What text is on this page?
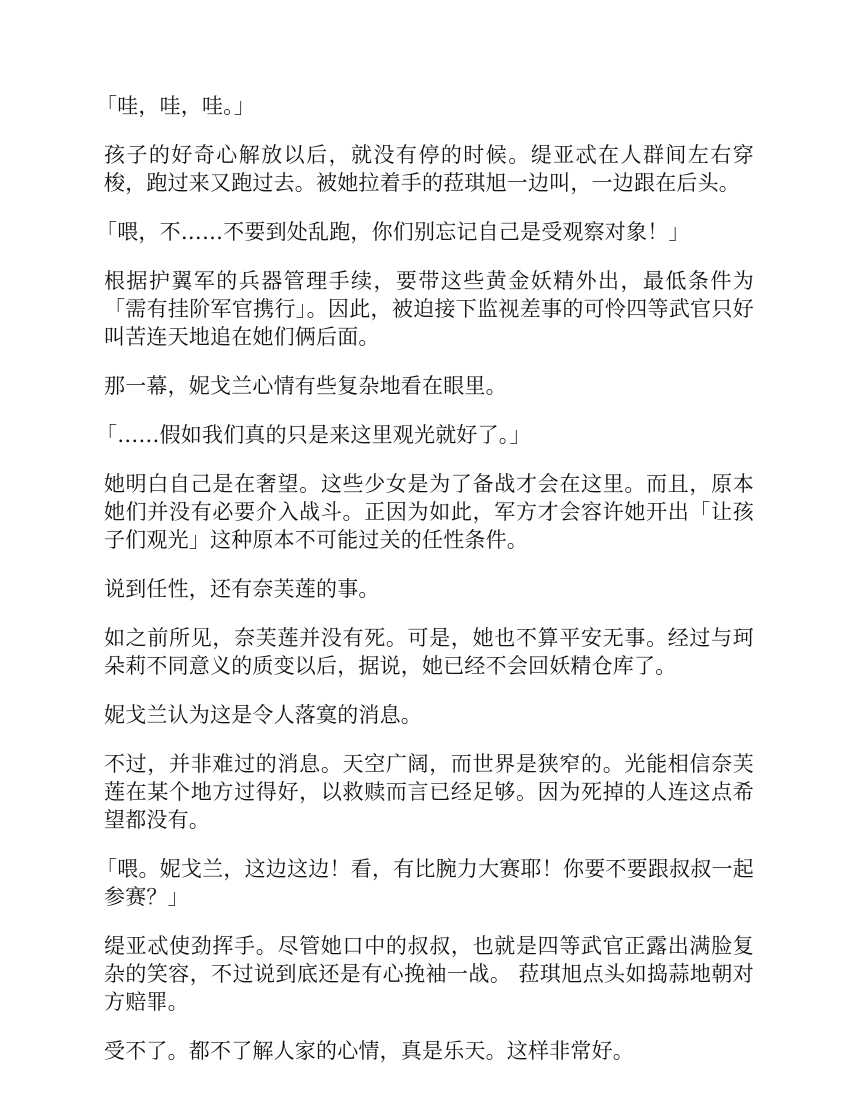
「哇，哇，哇。」

孩子的好奇心解放以后，就没有停的时候。缇亚忒在人群间左右穿梭，跑过来又跑过去。被她拉着手的菈琪旭一边叫，一边跟在后头。

「喂，不……不要到处乱跑，你们别忘记自己是受观察对象！」

根据护翼军的兵器管理手续，要带这些黄金妖精外出，最低条件为「需有挂阶军官携行」。因此，被迫接下监视差事的可怜四等武官只好叫苦连天地追在她们俩后面。

那一幕，妮戈兰心情有些复杂地看在眼里。

「……假如我们真的只是来这里观光就好了。」

她明白自己是在奢望。这些少女是为了备战才会在这里。而且，原本她们并没有必要介入战斗。正因为如此，军方才会容许她开出「让孩子们观光」这种原本不可能过关的任性条件。

说到任性，还有奈芙莲的事。

如之前所见，奈芙莲并没有死。可是，她也不算平安无事。经过与珂朵莉不同意义的质变以后，据说，她已经不会回妖精仓库了。

妮戈兰认为这是令人落寞的消息。

不过，并非难过的消息。天空广阔，而世界是狭窄的。光能相信奈芙莲在某个地方过得好，以救赎而言已经足够。因为死掉的人连这点希望都没有。

「喂。妮戈兰，这边这边！看，有比腕力大赛耶！你要不要跟叔叔一起参赛？」

缇亚忒使劲挥手。尽管她口中的叔叔，也就是四等武官正露出满脸复杂的笑容，不过说到底还是有心挽袖一战。 菈琪旭点头如捣蒜地朝对方赔罪。

受不了。都不了解人家的心情，真是乐天。这样非常好。
